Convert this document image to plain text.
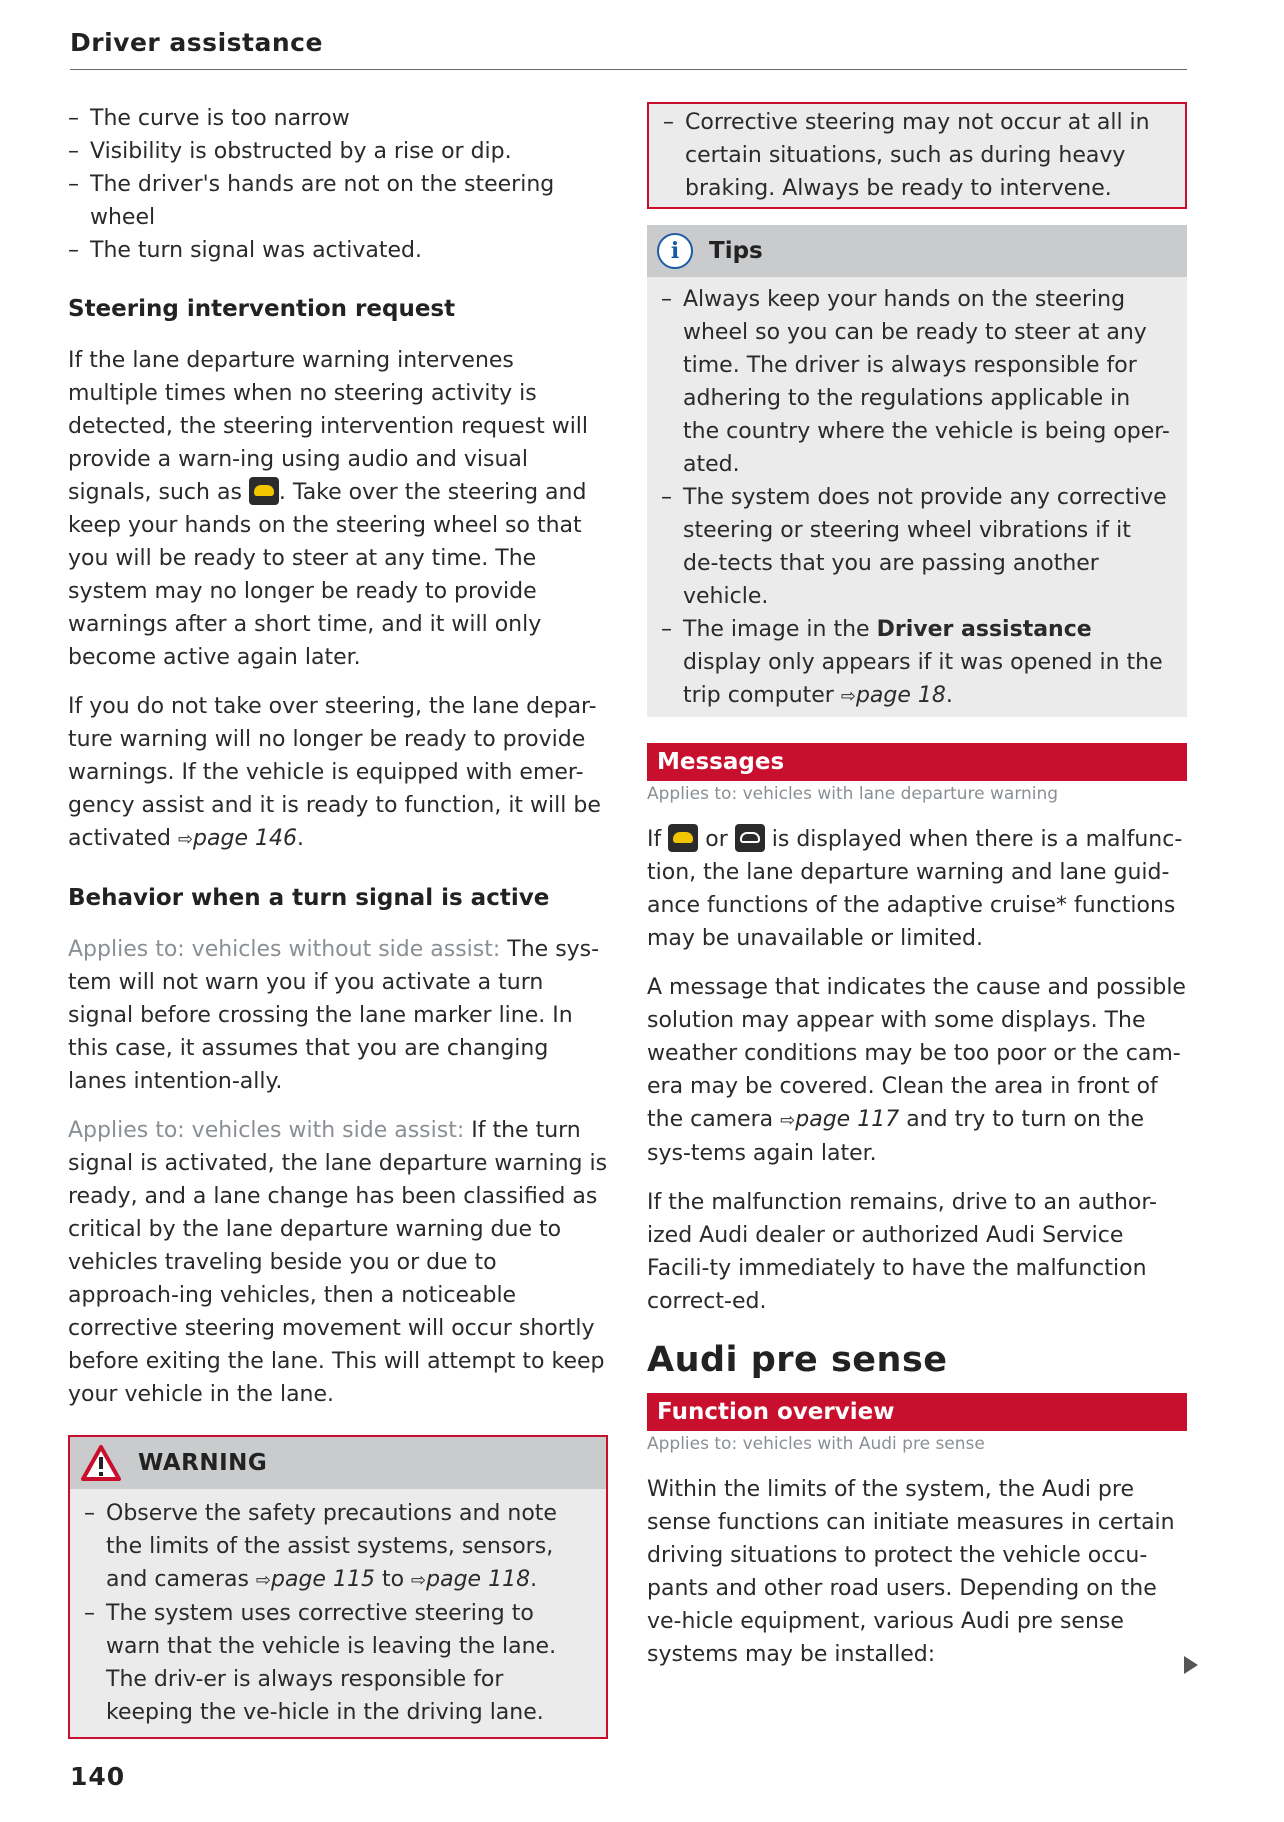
Driver assistance

– The curve is too narrow

– Visibility is obstructed by a rise or dip.

– The driver's hands are not on the steering wheel

– The turn signal was activated.

Steering intervention request

If the lane departure warning intervenes multiple times when no steering activity is detected, the steering intervention request will provide a warn-ing using audio and visual signals, such as . Take over the steering and keep your hands on the steering wheel so that you will be ready to steer at any time. The system may no longer be ready to provide warnings after a short time, and it will only become active again later.

If you do not take over steering, the lane depar-ture warning will no longer be ready to provide warnings. If the vehicle is equipped with emer-gency assist and it is ready to function, it will be activated ⇨page 146.

Behavior when a turn signal is active

Applies to: vehicles without side assist: The sys-tem will not warn you if you activate a turn signal before crossing the lane marker line. In this case, it assumes that you are changing lanes intention-ally.

Applies to: vehicles with side assist: If the turn signal is activated, the lane departure warning is ready, and a lane change has been classified as critical by the lane departure warning due to vehicles traveling beside you or due to approach-ing vehicles, then a noticeable corrective steering movement will occur shortly before exiting the lane. This will attempt to keep your vehicle in the lane.

WARNING

– Observe the safety precautions and note the limits of the assist systems, sensors, and cameras ⇨page 115 to ⇨page 118.

– The system uses corrective steering to warn that the vehicle is leaving the lane. The driv-er is always responsible for keeping the ve-hicle in the driving lane.

– Corrective steering may not occur at all in certain situations, such as during heavy braking. Always be ready to intervene.

i	Tips

– Always keep your hands on the steering wheel so you can be ready to steer at any time. The driver is always responsible for adhering to the regulations applicable in the country where the vehicle is being oper-ated.

– The system does not provide any corrective steering or steering wheel vibrations if it de-tects that you are passing another vehicle.

– The image in the Driver assistance display only appears if it was opened in the trip computer ⇨page 18.

Messages
Applies to: vehicles with lane departure warning

If or is displayed when there is a malfunc-tion, the lane departure warning and lane guid-ance functions of the adaptive cruise* functions may be unavailable or limited.

A message that indicates the cause and possible solution may appear with some displays. The weather conditions may be too poor or the cam-era may be covered. Clean the area in front of the camera ⇨page 117 and try to turn on the sys-tems again later.

If the malfunction remains, drive to an author-ized Audi dealer or authorized Audi Service Facili-ty immediately to have the malfunction correct-ed.

Audi pre sense
Function overview
Applies to: vehicles with Audi pre sense

Within the limits of the system, the Audi pre sense functions can initiate measures in certain driving situations to protect the vehicle occu-pants and other road users. Depending on the ve-hicle equipment, various Audi pre sense systems may be installed:

140
